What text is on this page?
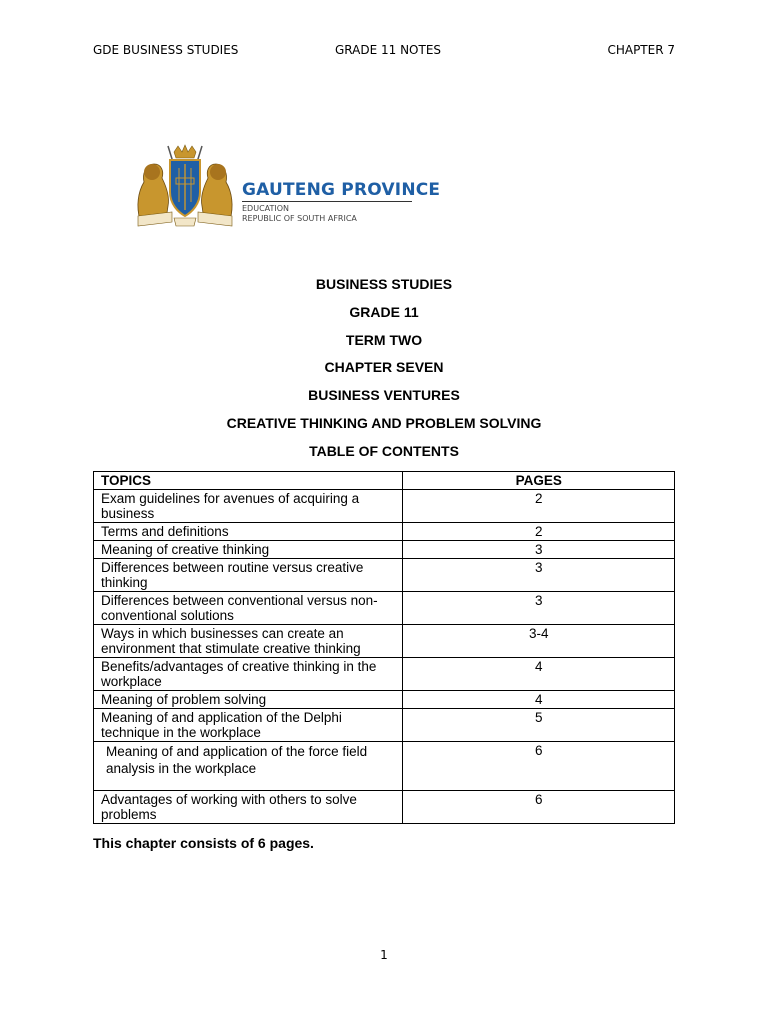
GDE BUSINESS STUDIES	GRADE 11 NOTES	CHAPTER 7
GAUTENG PROVINCE
EDUCATION
REPUBLIC OF SOUTH AFRICA
BUSINESS STUDIES
GRADE 11
TERM TWO
CHAPTER SEVEN
BUSINESS VENTURES
CREATIVE THINKING AND PROBLEM SOLVING
TABLE OF CONTENTS
TOPICS	PAGES
Exam guidelines for avenues of acquiring a business	2
Terms and definitions	2
Meaning of creative thinking	3
Differences between routine versus creative thinking	3
Differences between conventional versus non-conventional solutions	3
Ways in which businesses can create an environment that stimulate creative thinking	3-4
Benefits/advantages of creative thinking in the workplace	4
Meaning of problem solving	4
Meaning of and application of the Delphi technique in the workplace	5
Meaning of and application of the force field analysis in the workplace	6
Advantages of working with others to solve problems	6
This chapter consists of 6 pages.
1
